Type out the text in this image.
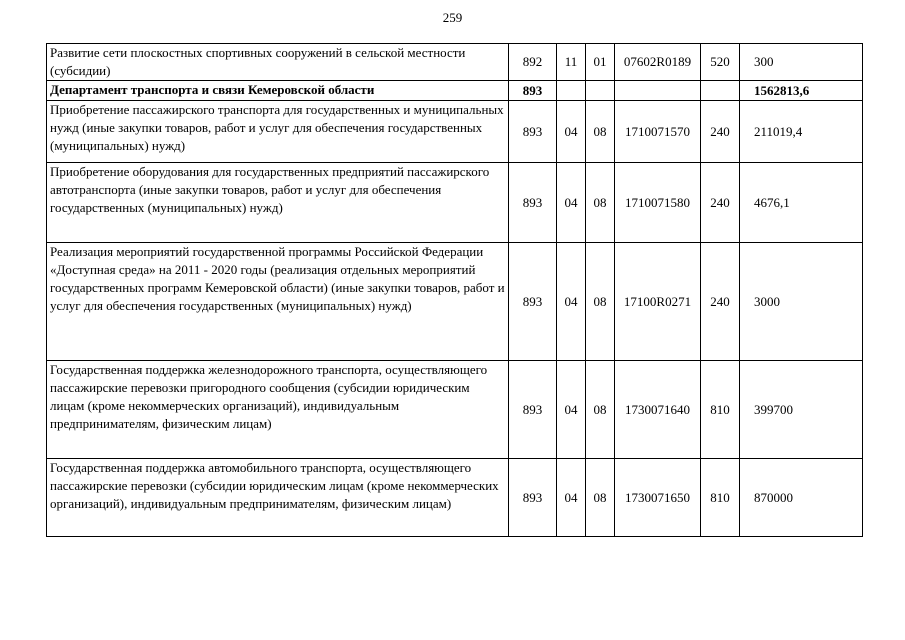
259
Развитие сети плоскостных спортивных сооружений в сельской местности (субсидии)	892	11	01	07602R0189	520	300
Департамент транспорта и связи Кемеровской области	893					1562813,6
Приобретение пассажирского транспорта для государственных и муниципальных нужд (иные закупки товаров, работ и услуг для обеспечения государственных (муниципальных) нужд)	893	04	08	1710071570	240	211019,4
Приобретение оборудования для государственных предприятий пассажирского автотранспорта (иные закупки товаров, работ и услуг для обеспечения государственных (муниципальных) нужд)	893	04	08	1710071580	240	4676,1
Реализация мероприятий государственной программы Российской Федерации «Доступная среда» на 2011 - 2020 годы (реализация отдельных мероприятий государственных программ Кемеровской области) (иные закупки товаров, работ и услуг для обеспечения государственных (муниципальных) нужд)	893	04	08	17100R0271	240	3000
Государственная поддержка железнодорожного транспорта, осуществляющего пассажирские перевозки пригородного сообщения (субсидии юридическим лицам (кроме некоммерческих организаций), индивидуальным предпринимателям, физическим лицам)	893	04	08	1730071640	810	399700
Государственная поддержка автомобильного транспорта, осуществляющего пассажирские перевозки (субсидии юридическим лицам (кроме некоммерческих организаций), индивидуальным предпринимателям, физическим лицам)	893	04	08	1730071650	810	870000
